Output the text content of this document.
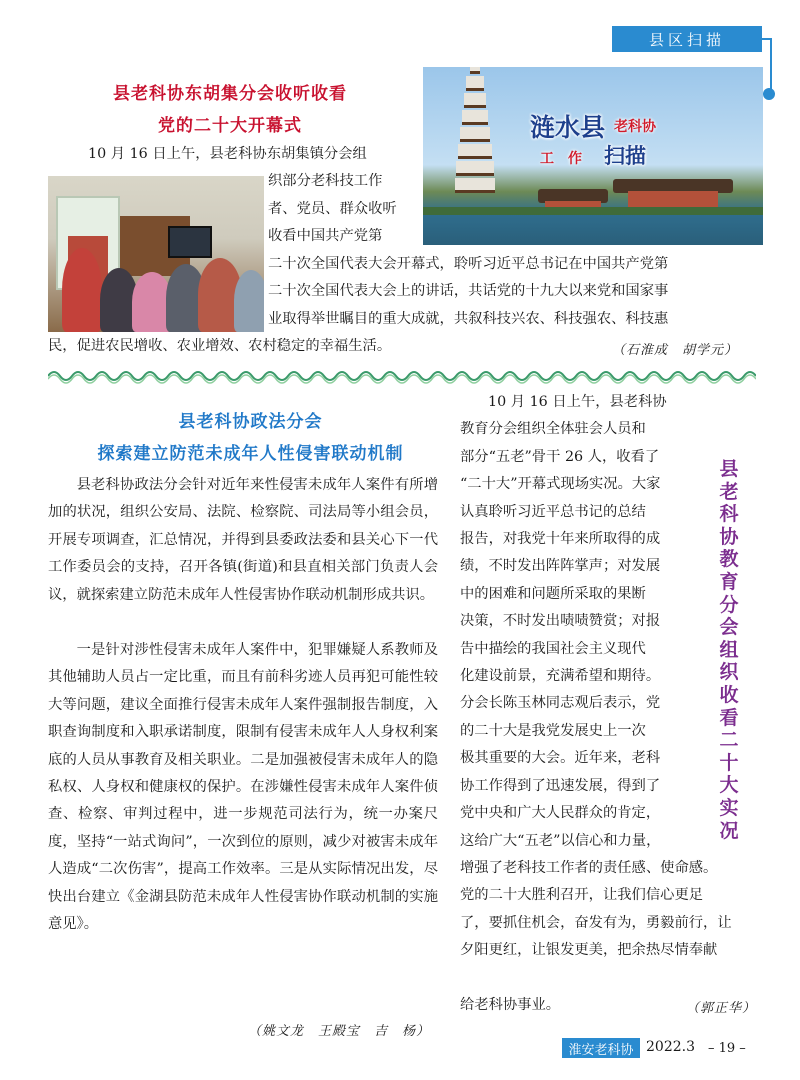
县区扫描
县老科协东胡集分会收听收看
党的二十大开幕式
10 月 16 日上午，县老科协东胡集镇分会组
织部分老科技工作
者、党员、群众收听
收看中国共产党第
二十次全国代表大会开幕式，聆听习近平总书记在中国共产党第
二十次全国代表大会上的讲话，共话党的十九大以来党和国家事
业取得举世瞩目的重大成就，共叙科技兴农、科技强农、科技惠
民，促进农民增收、农业增效、农村稳定的幸福生活。	（石淮成　胡学元）
涟水县 老科协
工　作 扫描
县老科协政法分会
探索建立防范未成年人性侵害联动机制

县老科协政法分会针对近年来性侵害未成年人案件有所增加的状况，组织公安局、法院、检察院、司法局等小组会员，开展专项调查，汇总情况，并得到县委政法委和县关心下一代工作委员会的支持，召开各镇(街道)和县直相关部门负责人会议，就探索建立防范未成年人性侵害协作联动机制形成共识。

一是针对涉性侵害未成年人案件中，犯罪嫌疑人系教师及其他辅助人员占一定比重，而且有前科劣迹人员再犯可能性较大等问题，建议全面推行侵害未成年人案件强制报告制度，入职查询制度和入职承诺制度，限制有侵害未成年人人身权利案底的人员从事教育及相关职业。二是加强被侵害未成年人的隐私权、人身权和健康权的保护。在涉嫌性侵害未成年人案件侦查、检察、审判过程中，进一步规范司法行为，统一办案尺度，坚持“一站式询问”，一次到位的原则，减少对被害未成年人造成“二次伤害”，提高工作效率。三是从实际情况出发，尽快出台建立《金湖县防范未成年人性侵害协作联动机制的实施意见》。

（姚文龙　王殿宝　吉　杨）
县老科协教育分会组织收看二十大实况
10 月 16 日上午，县老科协
教育分会组织全体驻会人员和
部分“五老”骨干 26 人，收看了
“二十大”开幕式现场实况。大家
认真聆听习近平总书记的总结
报告，对我党十年来所取得的成
绩，不时发出阵阵掌声；对发展
中的困难和问题所采取的果断
决策，不时发出啧啧赞赏；对报
告中描绘的我国社会主义现代
化建设前景，充满希望和期待。
分会长陈玉林同志观后表示，党
的二十大是我党发展史上一次
极其重要的大会。近年来，老科
协工作得到了迅速发展，得到了
党中央和广大人民群众的肯定，
这给广大“五老”以信心和力量，
增强了老科技工作者的责任感、使命感。
党的二十大胜利召开，让我们信心更足
了，要抓住机会，奋发有为，勇毅前行，让
夕阳更红，让银发更美，把余热尽情奉献
给老科协事业。	（郭正华）
淮安老科协 2022.3 – 19 –
